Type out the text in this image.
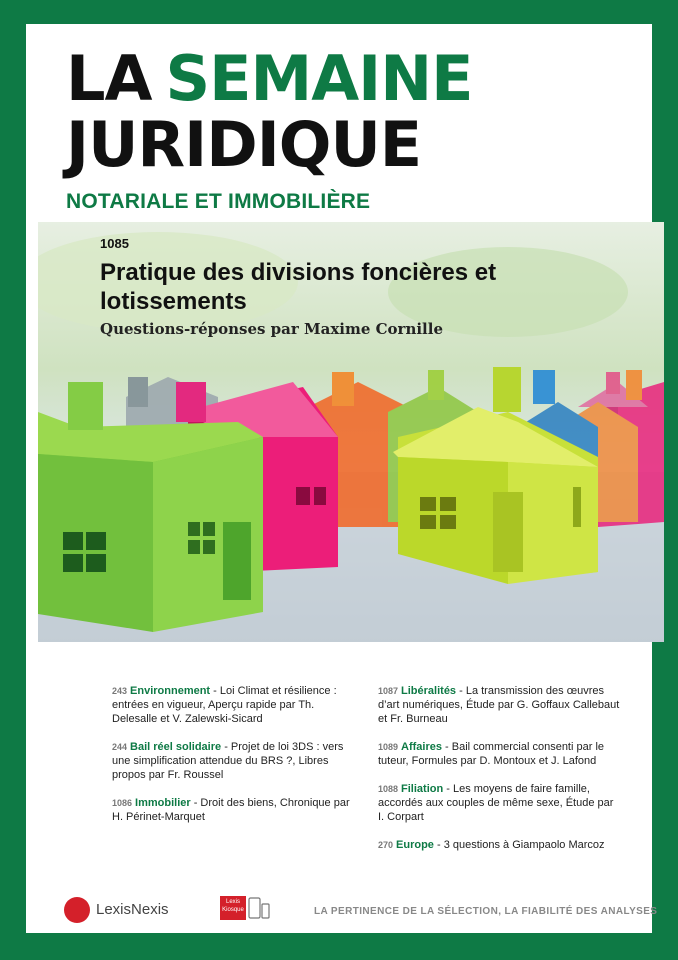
LA SEMAINE
JURIDIQUE
NOTARIALE ET IMMOBILIÈRE
243 Environnement - Loi Climat et résilience : entrées en vigueur, Aperçu rapide par Th. Delesalle et V. Zalewski-Sicard
244 Bail réel solidaire - Projet de loi 3DS : vers une simplification attendue du BRS ?, Libres propos par Fr. Roussel
1086 Immobilier - Droit des biens, Chronique par H. Périnet-Marquet
1087 Libéralités - La transmission des œuvres d’art numériques, Étude par G. Goffaux Callebaut et Fr. Burneau
1089 Affaires - Bail commercial consenti par le tuteur, Formules par D. Montoux et J. Lafond
1088 Filiation - Les moyens de faire famille, accordés aux couples de même sexe, Étude par I. Corpart
270 Europe - 3 questions à Giampaolo Marcoz
LexisNexis	Lexis
Kiosque	LA PERTINENCE DE LA SÉLECTION, LA FIABILITÉ DES ANALYSES
1085
Pratique des divisions foncières et lotissements
Questions-réponses par Maxime Cornille
